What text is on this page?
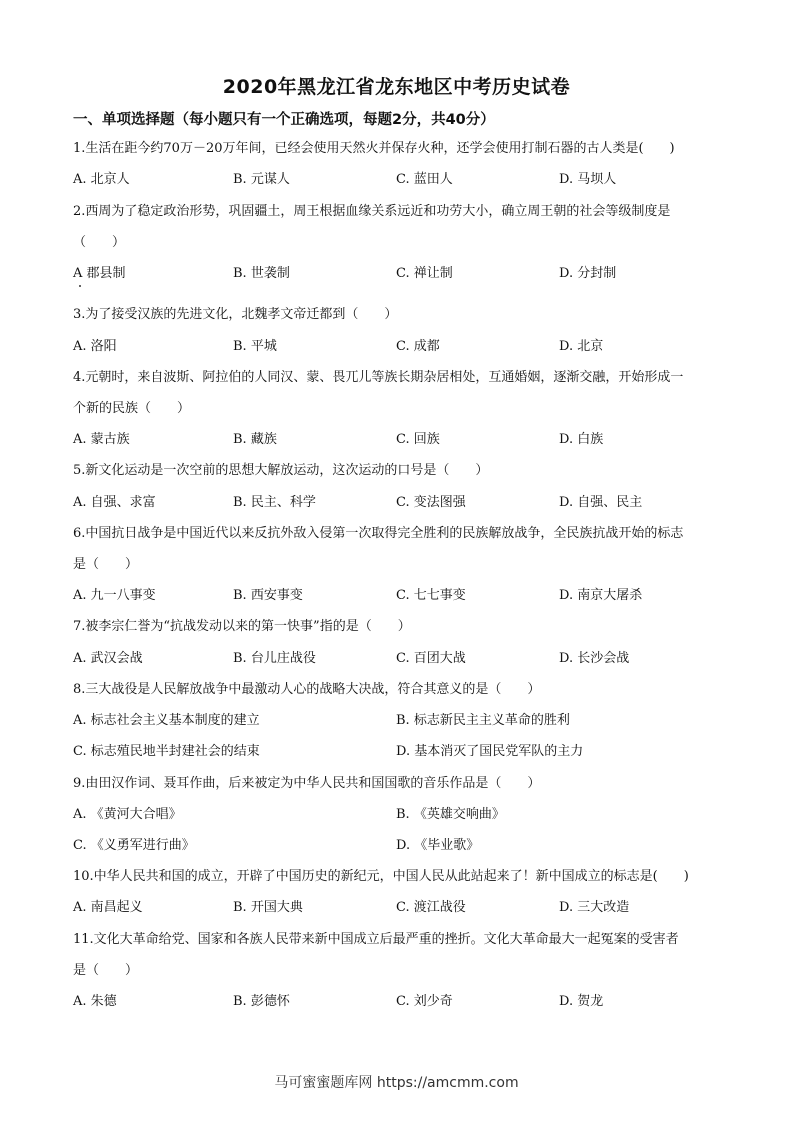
2020年黑龙江省龙东地区中考历史试卷
一、单项选择题（每小题只有一个正确选项，每题2分，共40分）
1.生活在距今约70万－20万年间，已经会使用天然火并保存火种，还学会使用打制石器的古人类是(　　)
A. 北京人	B. 元谋人	C. 蓝田人	D. 马坝人
2.西周为了稳定政治形势，巩固疆土，周王根据血缘关系远近和功劳大小，确立周王朝的社会等级制度是
（　　）
A 郡县制	B. 世袭制	C. 禅让制	D. 分封制
3.为了接受汉族的先进文化，北魏孝文帝迁都到（　　）
A. 洛阳	B. 平城	C. 成都	D. 北京
4.元朝时，来自波斯、阿拉伯的人同汉、蒙、畏兀儿等族长期杂居相处，互通婚姻，逐渐交融，开始形成一
个新的民族（　　）
A. 蒙古族	B. 藏族	C. 回族	D. 白族
5.新文化运动是一次空前的思想大解放运动，这次运动的口号是（　　）
A. 自强、求富	B. 民主、科学	C. 变法图强	D. 自强、民主
6.中国抗日战争是中国近代以来反抗外敌入侵第一次取得完全胜利的民族解放战争，全民族抗战开始的标志
是（　　）
A. 九一八事变	B. 西安事变	C. 七七事变	D. 南京大屠杀
7.被李宗仁誉为“抗战发动以来的第一快事”指的是（　　）
A. 武汉会战	B. 台儿庄战役	C. 百团大战	D. 长沙会战
8.三大战役是人民解放战争中最激动人心的战略大决战，符合其意义的是（　　）
A. 标志社会主义基本制度的建立	B. 标志新民主主义革命的胜利
C. 标志殖民地半封建社会的结束	D. 基本消灭了国民党军队的主力
9.由田汉作词、聂耳作曲，后来被定为中华人民共和国国歌的音乐作品是（　　）
A. 《黄河大合唱》	B. 《英雄交响曲》
C. 《义勇军进行曲》	D. 《毕业歌》
10.中华人民共和国的成立，开辟了中国历史的新纪元，中国人民从此站起来了！新中国成立的标志是(　　)
A. 南昌起义	B. 开国大典	C. 渡江战役	D. 三大改造
11.文化大革命给党、国家和各族人民带来新中国成立后最严重的挫折。文化大革命最大一起冤案的受害者
是（　　）
A. 朱德	B. 彭德怀	C. 刘少奇	D. 贺龙
马可蜜蜜题库网 https://amcmm.com
